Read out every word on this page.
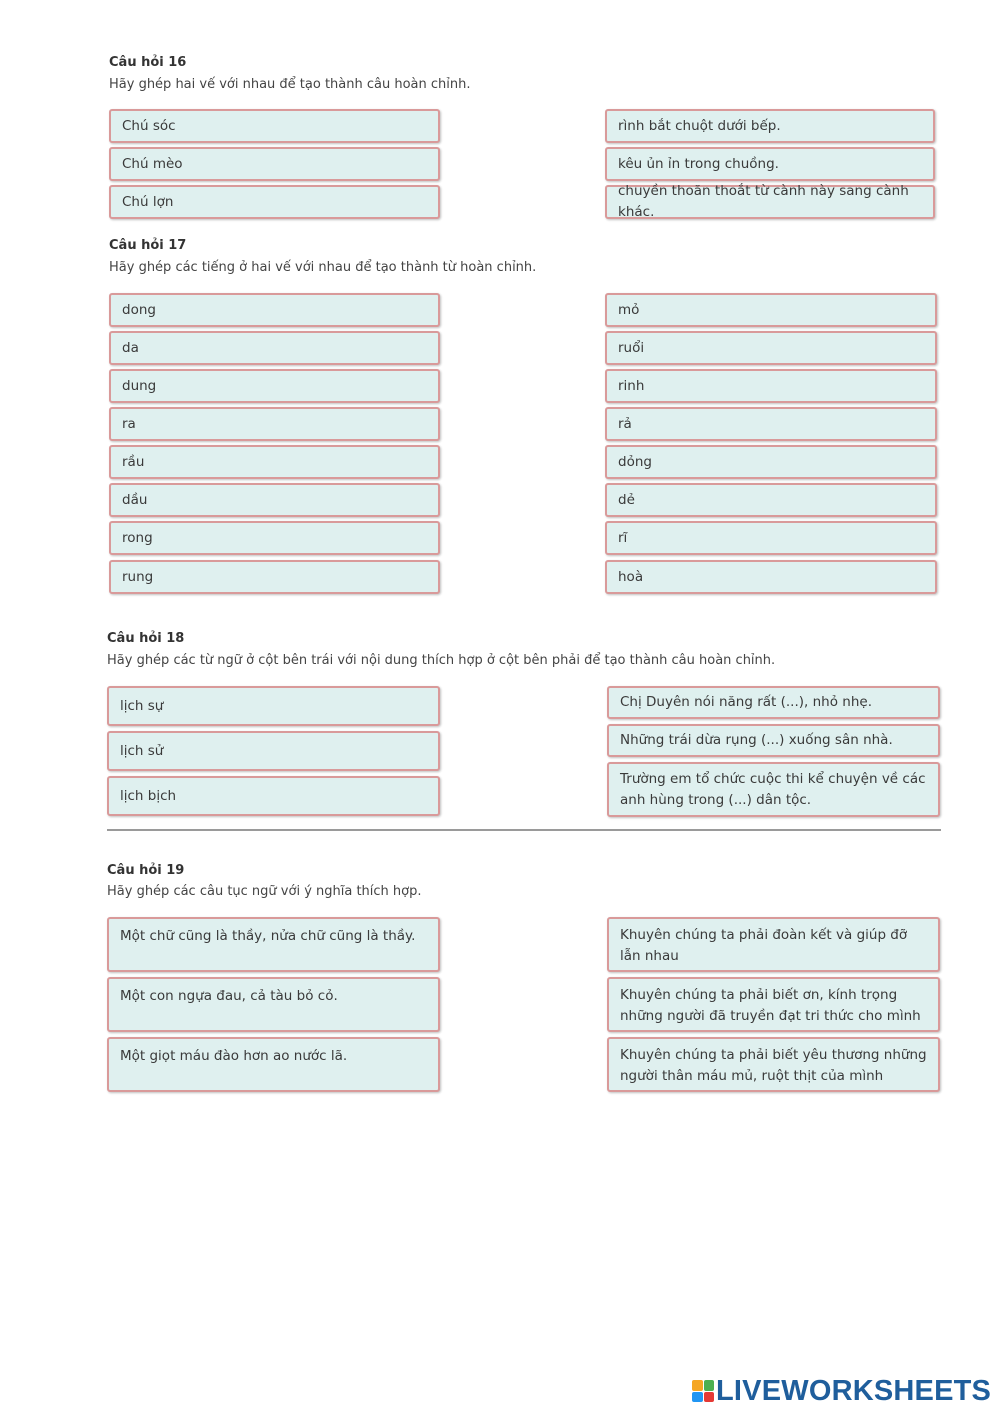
Câu hỏi 16
Hãy ghép hai vế với nhau để tạo thành câu hoàn chỉnh.
Chú sóc
Chú mèo
Chú lợn
rình bắt chuột dưới bếp.
kêu ủn ỉn trong chuồng.
chuyền thoăn thoắt từ cành này sang cành khác.
Câu hỏi 17
Hãy ghép các tiếng ở hai vế với nhau để tạo thành từ hoàn chỉnh.
dong
da
dung
ra
rầu
dầu
rong
rung
mỏ
ruổi
rinh
rả
dỏng
dẻ
rĩ
hoà
Câu hỏi 18
Hãy ghép các từ ngữ ở cột bên trái với nội dung thích hợp ở cột bên phải để tạo thành câu hoàn chỉnh.
lịch sự
lịch sử
lịch bịch
Chị Duyên nói năng rất (...), nhỏ nhẹ.
Những trái dừa rụng (...) xuống sân nhà.
Trường em tổ chức cuộc thi kể chuyện về các anh hùng trong (...) dân tộc.
Câu hỏi 19
Hãy ghép các câu tục ngữ với ý nghĩa thích hợp.
Một chữ cũng là thầy, nửa chữ cũng là thầy.
Một con ngựa đau, cả tàu bỏ cỏ.
Một giọt máu đào hơn ao nước lã.
Khuyên chúng ta phải đoàn kết và giúp đỡ lẫn nhau
Khuyên chúng ta phải biết ơn, kính trọng những người đã truyền đạt tri thức cho mình
Khuyên chúng ta phải biết yêu thương những người thân máu mủ, ruột thịt của mình
LIVEWORKSHEETS
